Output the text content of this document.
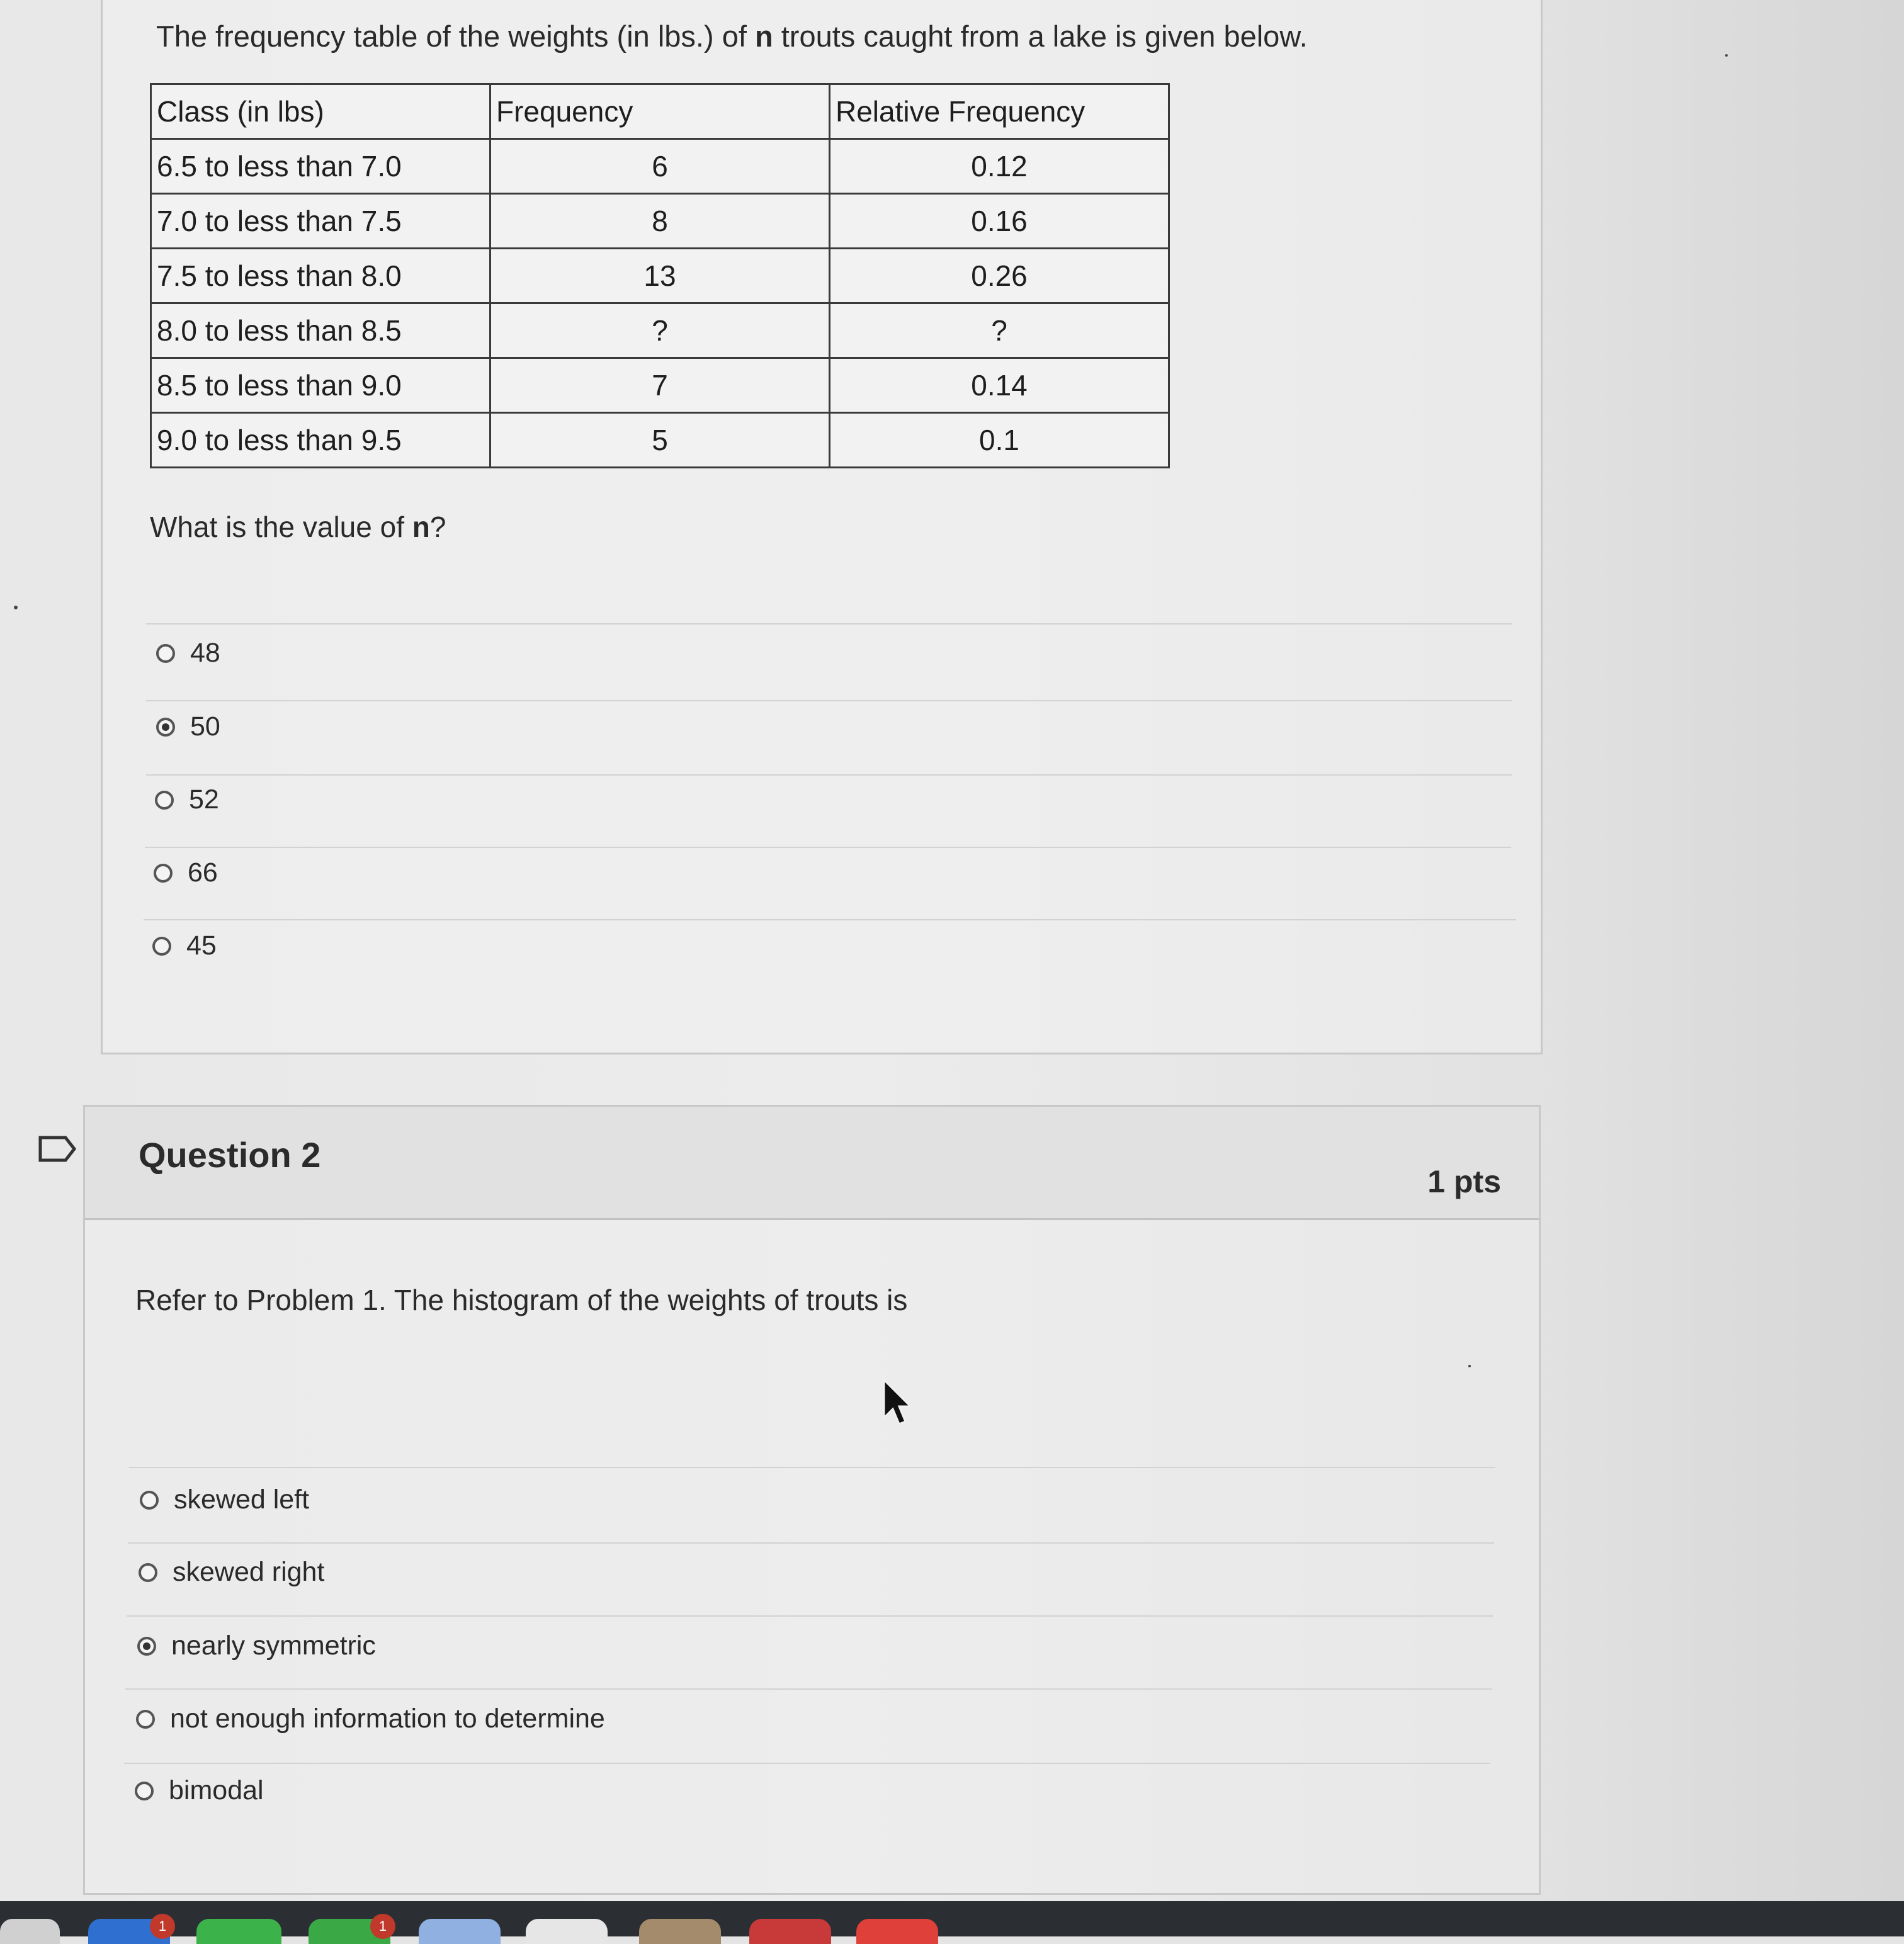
The frequency table of the weights (in lbs.) of n trouts caught from a lake is given below.
Class (in lbs)	Frequency	Relative Frequency
6.5 to less than 7.0	6	0.12
7.0 to less than 7.5	8	0.16
7.5 to less than 8.0	13	0.26
8.0 to less than 8.5	?	?
8.5 to less than 9.0	7	0.14
9.0 to less than 9.5	5	0.1
What is the value of n?
48
50
52
66
45
Question 2
1 pts
Refer to Problem 1. The histogram of the weights of trouts is
skewed left
skewed right
nearly symmetric
not enough information to determine
bimodal
1	1
